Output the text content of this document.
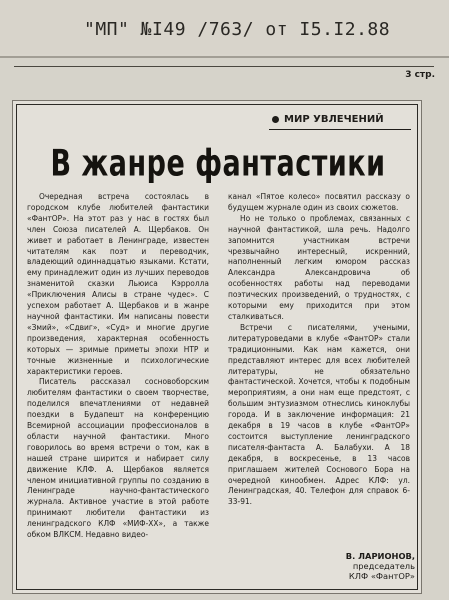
"МП" №I49 /763/ от I5.I2.88
3 стр.
МИР УВЛЕЧЕНИЙ
В жанре фантастики

Очередная встреча состоялась в городском клубе любителей фантастики «ФантОР». На этот раз у нас в гостях был член Союза писателей А. Щербаков. Он живет и работает в Ленинграде, известен читателям как поэт и переводчик, владеющий одиннадцатью языками. Кстати, ему принадлежит один из лучших переводов знаменитой сказки Льюиса Кэрролла «Приключения Алисы в стране чудес». С успехом работает А. Щербаков и в жанре научной фантастики. Им написаны повести «Змий», «Сдвиг», «Суд» и многие другие произведения, характерная особенность которых — зримые приметы эпохи НТР и точные жизненные и психологические характеристики героев.

Писатель рассказал сосновоборским любителям фантастики о своем творчестве, поделился впечатлениями от недавней поездки в Будапешт на конференцию Всемирной ассоциации профессионалов в области научной фантастики. Много говорилось во время встречи о том, как в нашей стране ширится и набирает силу движение КЛФ. А. Щербаков является членом инициативной группы по созданию в Ленинграде научно-фантастического журнала. Активное участие в этой работе принимают любители фантастики из ленинградского КЛФ «МИФ-ХХ», а также обком ВЛКСМ. Недавно видео-

канал «Пятое колесо» посвятил рассказу о будущем журнале один из своих сюжетов.

Но не только о проблемах, связанных с научной фантастикой, шла речь. Надолго запомнится участникам встречи чрезвычайно интересный, искренний, наполненный легким юмором рассказ Александра Александровича об особенностях работы над переводами поэтических произведений, о трудностях, с которыми ему приходится при этом сталкиваться.

Встречи с писателями, учеными, литературоведами в клубе «ФантОР» стали традиционными. Как нам кажется, они представляют интерес для всех любителей литературы, не обязательно фантастической. Хочется, чтобы к подобным мероприятиям, а они нам еще предстоят, с большим энтузиазмом отнеслись киноклубы города. И в заключение информация: 21 декабря в 19 часов в клубе «ФантОР» состоится выступление ленинградского писателя-фантаста А. Балабухи. А 18 декабря, в воскресенье, в 13 часов приглашаем жителей Соснового Бора на очередной кинообмен. Адрес КЛФ: ул. Ленинградская, 40. Телефон для справок 6-33-91.

В. ЛАРИОНОВ,
председатель
КЛФ «ФантОР»
